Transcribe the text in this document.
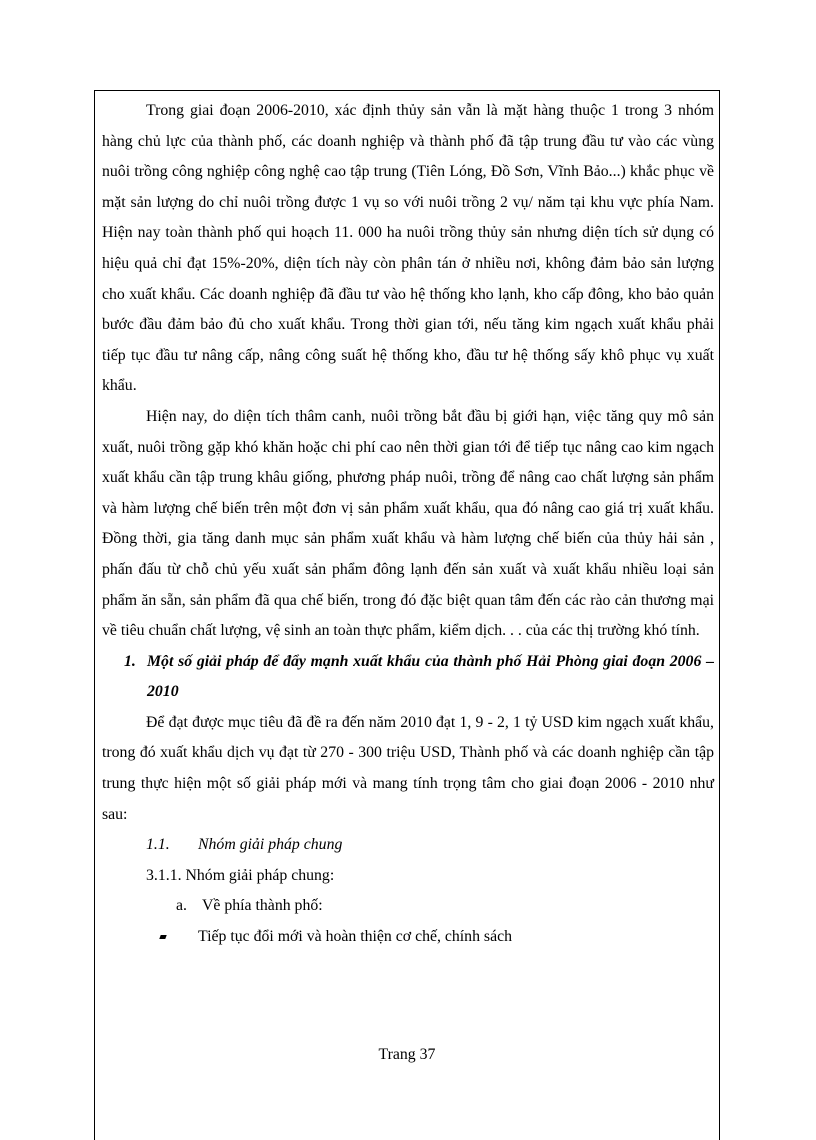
Trong giai đoạn 2006-2010, xác định thủy sản vẫn là mặt hàng thuộc 1 trong 3 nhóm hàng chủ lực của thành phố, các doanh nghiệp và thành phố đã tập trung đầu tư vào các vùng nuôi trồng công nghiệp công nghệ cao tập trung (Tiên Lóng, Đồ Sơn, Vĩnh Bảo...) khắc phục về mặt sản lượng do chỉ nuôi trồng được 1 vụ so với nuôi trồng 2 vụ/ năm tại khu vực phía Nam. Hiện nay toàn thành phố qui hoạch 11. 000 ha nuôi trồng thủy sản nhưng diện tích sử dụng có hiệu quả chỉ đạt 15%-20%, diện tích này còn phân tán ở nhiều nơi, không đảm bảo sản lượng cho xuất khẩu. Các doanh nghiệp đã đầu tư vào hệ thống kho lạnh, kho cấp đông, kho bảo quản bước đầu đảm bảo đủ cho xuất khẩu. Trong thời gian tới, nếu tăng kim ngạch xuất khẩu phải tiếp tục đầu tư nâng cấp, nâng công suất hệ thống kho, đầu tư hệ thống sấy khô phục vụ xuất khẩu.

Hiện nay, do diện tích thâm canh, nuôi trồng bắt đầu bị giới hạn, việc tăng quy mô sản xuất, nuôi trồng gặp khó khăn hoặc chi phí cao nên thời gian tới để tiếp tục nâng cao kim ngạch xuất khẩu cần tập trung khâu giống, phương pháp nuôi, trồng để nâng cao chất lượng sản phẩm và hàm lượng chế biến trên một đơn vị sản phẩm xuất khẩu, qua đó nâng cao giá trị xuất khẩu. Đồng thời, gia tăng danh mục sản phẩm xuất khẩu và hàm lượng chế biến của thủy hải sản , phấn đấu từ chỗ chủ yếu xuất sản phẩm đông lạnh đến sản xuất và xuất khẩu nhiều loại sản phẩm ăn sẵn, sản phẩm đã qua chế biến, trong đó đặc biệt quan tâm đến các rào cản thương mại về tiêu chuẩn chất lượng, vệ sinh an toàn thực phẩm, kiểm dịch. . . của các thị trường khó tính.

1. Một số giải pháp để đẩy mạnh xuất khẩu của thành phố Hải Phòng giai đoạn 2006 – 2010

Để đạt được mục tiêu đã đề ra đến năm 2010 đạt 1, 9 - 2, 1 tỷ USD kim ngạch xuất khẩu, trong đó xuất khẩu dịch vụ đạt từ 270 - 300 triệu USD, Thành phố và các doanh nghiệp cần tập trung thực hiện một số giải pháp mới và mang tính trọng tâm cho giai đoạn 2006 - 2010 như sau:

1.1. Nhóm giải pháp chung
3.1.1. Nhóm giải pháp chung:
a. Về phía thành phố:
Tiếp tục đổi mới và hoàn thiện cơ chế, chính sách
Trang 37
